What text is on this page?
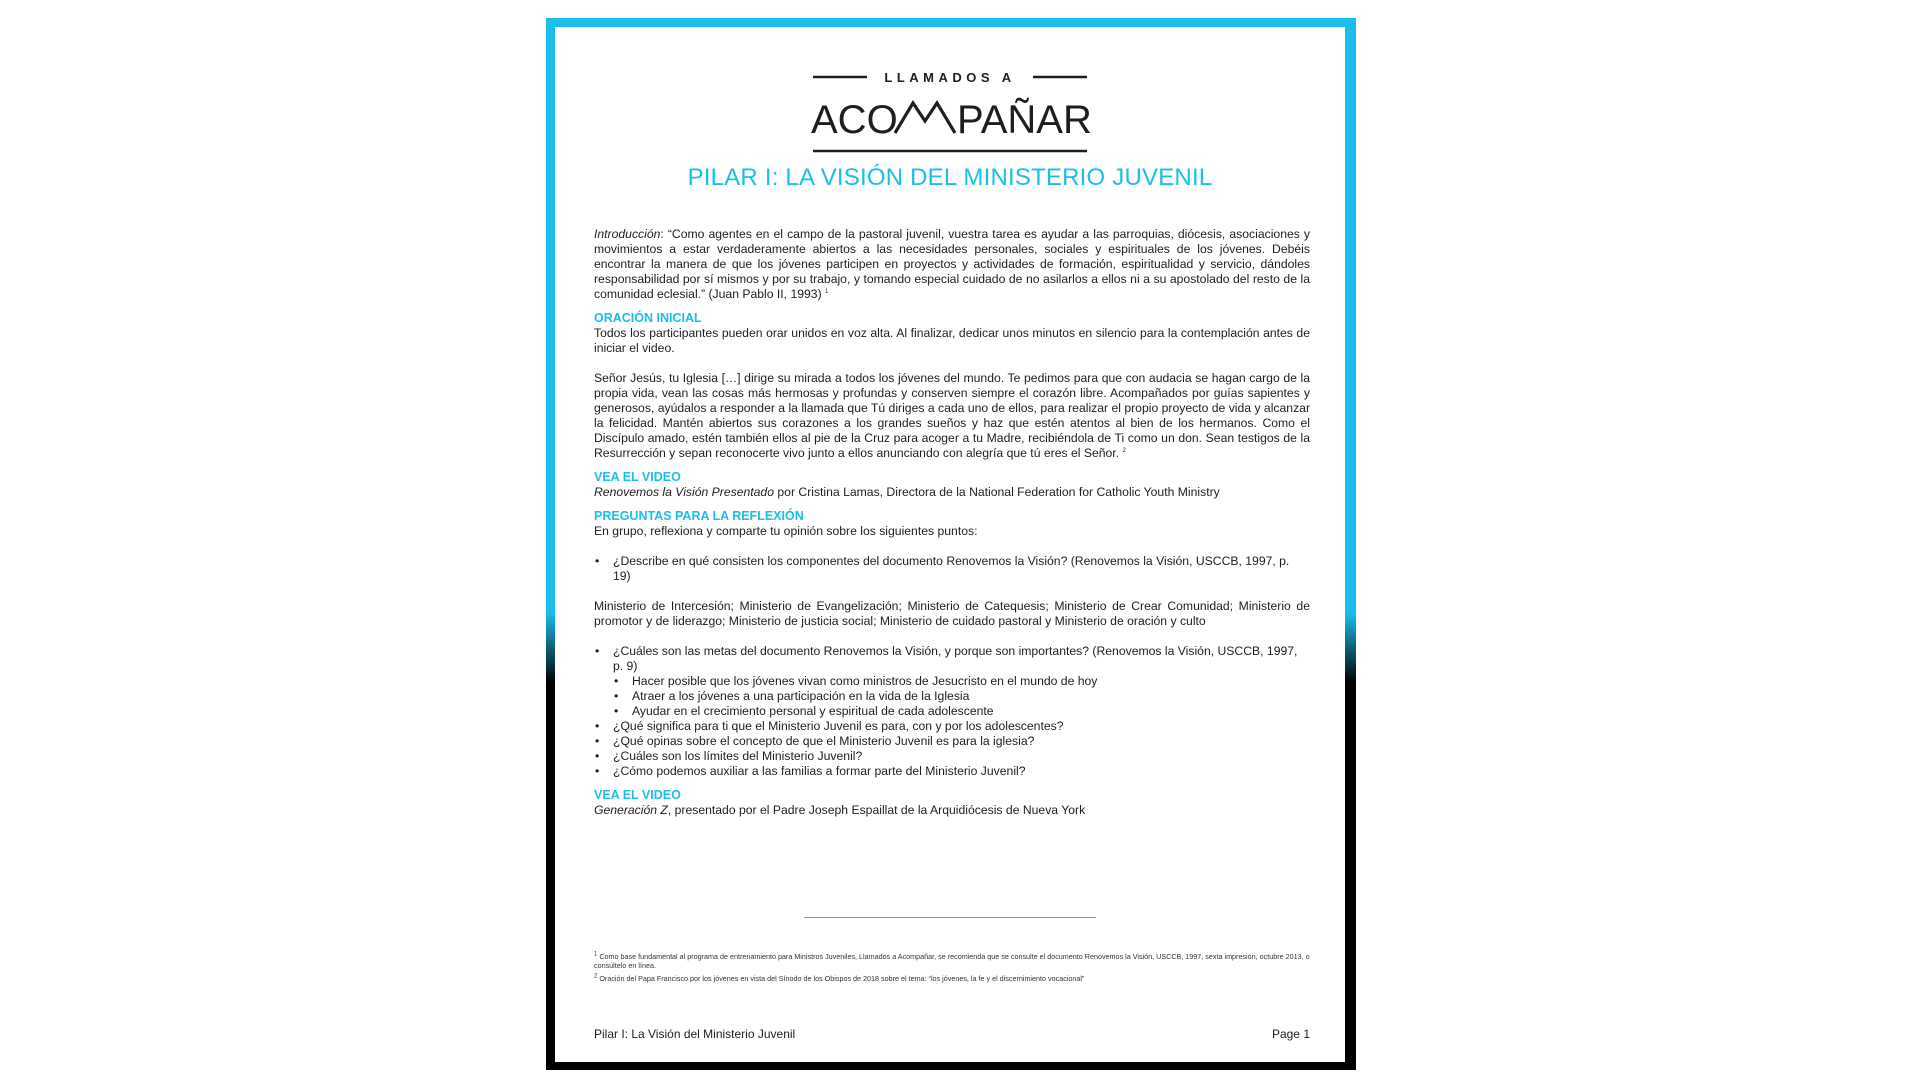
LLAMADOS A
ACO PAÑAR
PILAR I: LA VISIÓN DEL MINISTERIO JUVENIL

Introducción: “Como agentes en el campo de la pastoral juvenil, vuestra tarea es ayudar a las parroquias, diócesis, asociaciones y movimientos a estar verdaderamente abiertos a las necesidades personales, sociales y espirituales de los jóvenes. Debéis encontrar la manera de que los jóvenes participen en proyectos y actividades de formación, espiritualidad y servicio, dándoles responsabilidad por sí mismos y por su trabajo, y tomando especial cuidado de no asilarlos a ellos ni a su apostolado del resto de la comunidad eclesial.” (Juan Pablo II, 1993) $^1$

ORACIÓN INICIAL

Todos los participantes pueden orar unidos en voz alta. Al finalizar, dedicar unos minutos en silencio para la contemplación antes de iniciar el video.

Señor Jesús, tu Iglesia […] dirige su mirada a todos los jóvenes del mundo. Te pedimos para que con audacia se hagan cargo de la propia vida, vean las cosas más hermosas y profundas y conserven siempre el corazón libre. Acompañados por guías sapientes y generosos, ayúdalos a responder a la llamada que Tú diriges a cada uno de ellos, para realizar el propio proyecto de vida y alcanzar la felicidad. Mantén abiertos sus corazones a los grandes sueños y haz que estén atentos al bien de los hermanos. Como el Discípulo amado, estén también ellos al pie de la Cruz para acoger a tu Madre, recibiéndola de Ti como un don. Sean testigos de la Resurrección y sepan reconocerte vivo junto a ellos anunciando con alegría que tú eres el Señor. $^2$

VEA EL VIDEO

Renovemos la Visión Presentado por Cristina Lamas, Directora de la National Federation for Catholic Youth Ministry

PREGUNTAS PARA LA REFLEXIÓN

En grupo, reflexiona y comparte tu opinión sobre los siguientes puntos:

• ¿Describe en qué consisten los componentes del documento Renovemos la Visión? (Renovemos la Visión, USCCB, 1997, p. 19)

Ministerio de Intercesión; Ministerio de Evangelización; Ministerio de Catequesis; Ministerio de Crear Comunidad; Ministerio de promotor y de liderazgo; Ministerio de justicia social; Ministerio de cuidado pastoral y Ministerio de oración y culto

• ¿Cuáles son las metas del documento Renovemos la Visión, y porque son importantes? (Renovemos la Visión, USCCB, 1997, p. 9)
• Hacer posible que los jóvenes vivan como ministros de Jesucristo en el mundo de hoy
• Atraer a los jóvenes a una participación en la vida de la Iglesia
• Ayudar en el crecimiento personal y espiritual de cada adolescente
• ¿Qué significa para ti que el Ministerio Juvenil es para, con y por los adolescentes?
• ¿Qué opinas sobre el concepto de que el Ministerio Juvenil es para la iglesia?
• ¿Cuáles son los límites del Ministerio Juvenil?
• ¿Cómo podemos auxiliar a las familias a formar parte del Ministerio Juvenil?
VEA EL VIDEO

Generación Z, presentado por el Padre Joseph Espaillat de la Arquidiócesis de Nueva York

$^1$ Como base fundamental al programa de entrenamiento para Ministros Juveniles, Llamados a Acompañar, se recomienda que se consulte el documento Renovemos la Visión, USCCB, 1997, sexta impresión, octubre 2013, o consúltelo en línea.

$^2$ Oración del Papa Francisco por los jóvenes en vista del Sínodo de los Obispos de 2018 sobre el tema: “los jóvenes, la fe y el discernimiento vocacional”

Pilar I: La Visión del Ministerio Juvenil	Page 1
